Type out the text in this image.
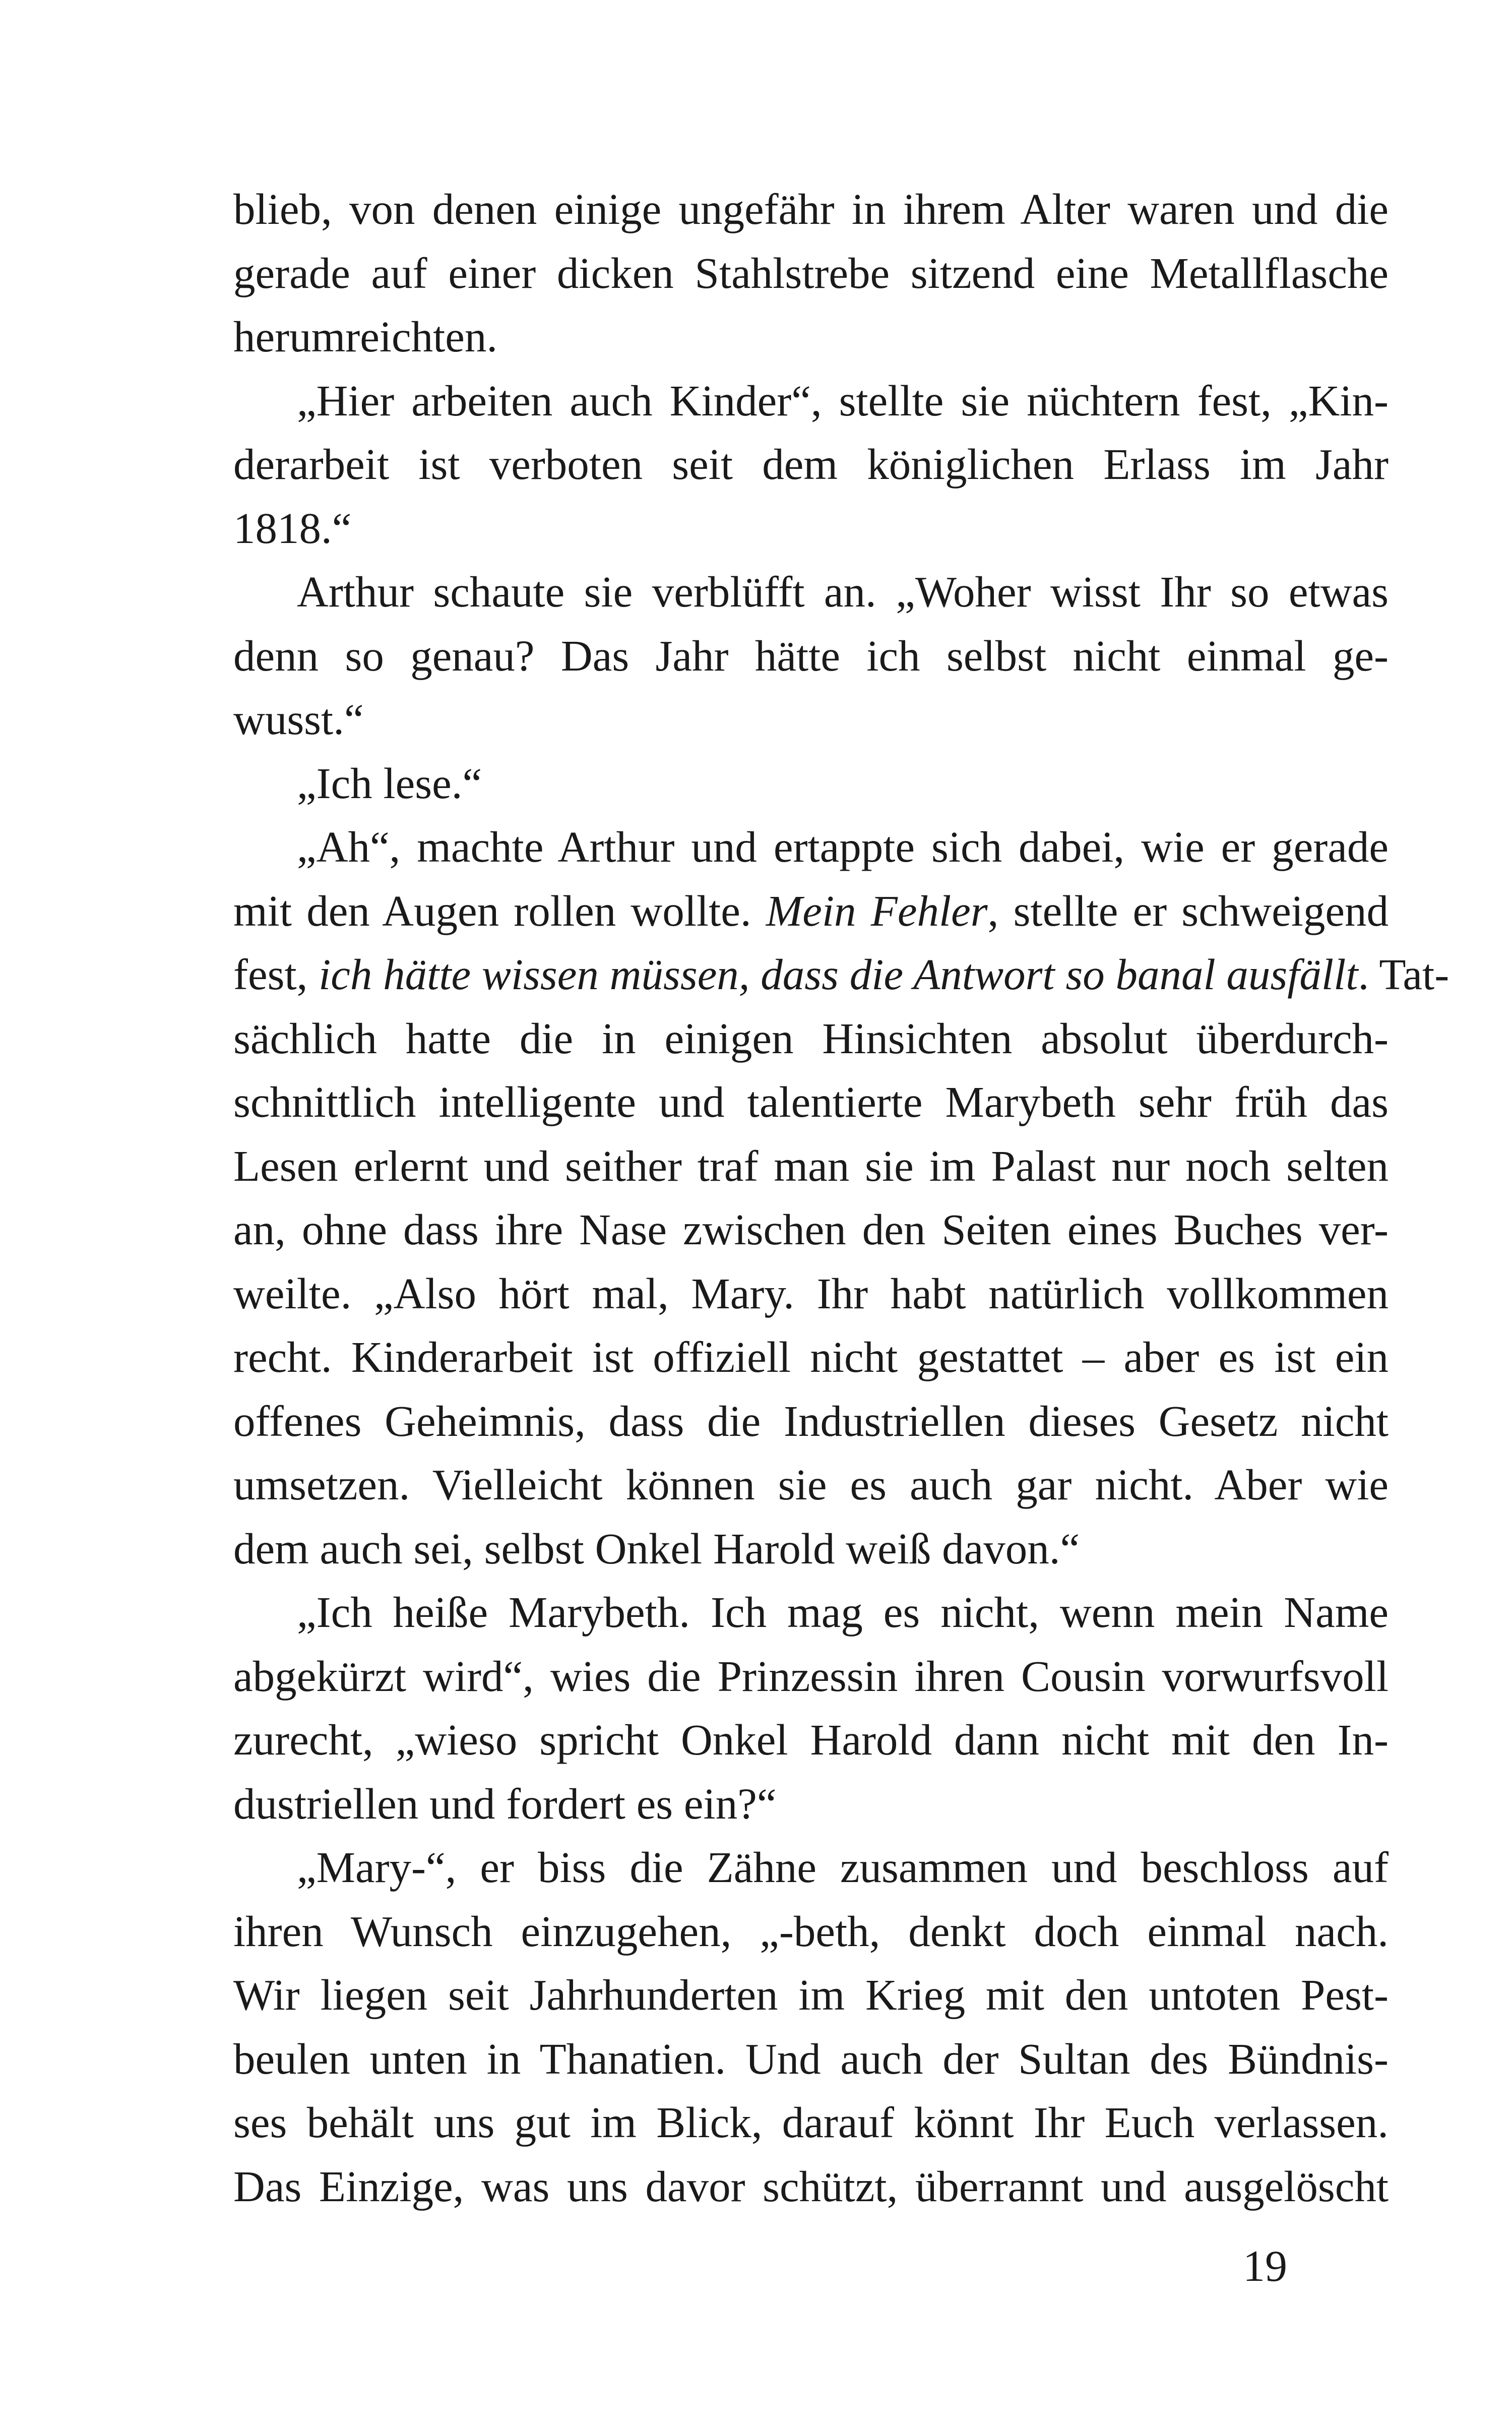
blieb, von denen einige ungefähr in ihrem Alter waren und die
gerade auf einer dicken Stahlstrebe sitzend eine Metallflasche
herumreichten.
„Hier arbeiten auch Kinder“, stellte sie nüchtern fest, „Kin-
derarbeit ist verboten seit dem königlichen Erlass im Jahr
1818.“
Arthur schaute sie verblüfft an. „Woher wisst Ihr so etwas
denn so genau? Das Jahr hätte ich selbst nicht einmal ge-
wusst.“
„Ich lese.“
„Ah“, machte Arthur und ertappte sich dabei, wie er gerade
mit den Augen rollen wollte. Mein Fehler, stellte er schweigend
fest, ich hätte wissen müssen, dass die Antwort so banal ausfällt. Tat-
sächlich hatte die in einigen Hinsichten absolut überdurch-
schnittlich intelligente und talentierte Marybeth sehr früh das
Lesen erlernt und seither traf man sie im Palast nur noch selten
an, ohne dass ihre Nase zwischen den Seiten eines Buches ver-
weilte. „Also hört mal, Mary. Ihr habt natürlich vollkommen
recht. Kinderarbeit ist offiziell nicht gestattet – aber es ist ein
offenes Geheimnis, dass die Industriellen dieses Gesetz nicht
umsetzen. Vielleicht können sie es auch gar nicht. Aber wie
dem auch sei, selbst Onkel Harold weiß davon.“
„Ich heiße Marybeth. Ich mag es nicht, wenn mein Name
abgekürzt wird“, wies die Prinzessin ihren Cousin vorwurfsvoll
zurecht, „wieso spricht Onkel Harold dann nicht mit den In-
dustriellen und fordert es ein?“
„Mary-“, er biss die Zähne zusammen und beschloss auf
ihren Wunsch einzugehen, „-beth, denkt doch einmal nach.
Wir liegen seit Jahrhunderten im Krieg mit den untoten Pest-
beulen unten in Thanatien. Und auch der Sultan des Bündnis-
ses behält uns gut im Blick, darauf könnt Ihr Euch verlassen.
Das Einzige, was uns davor schützt, überrannt und ausgelöscht
19
